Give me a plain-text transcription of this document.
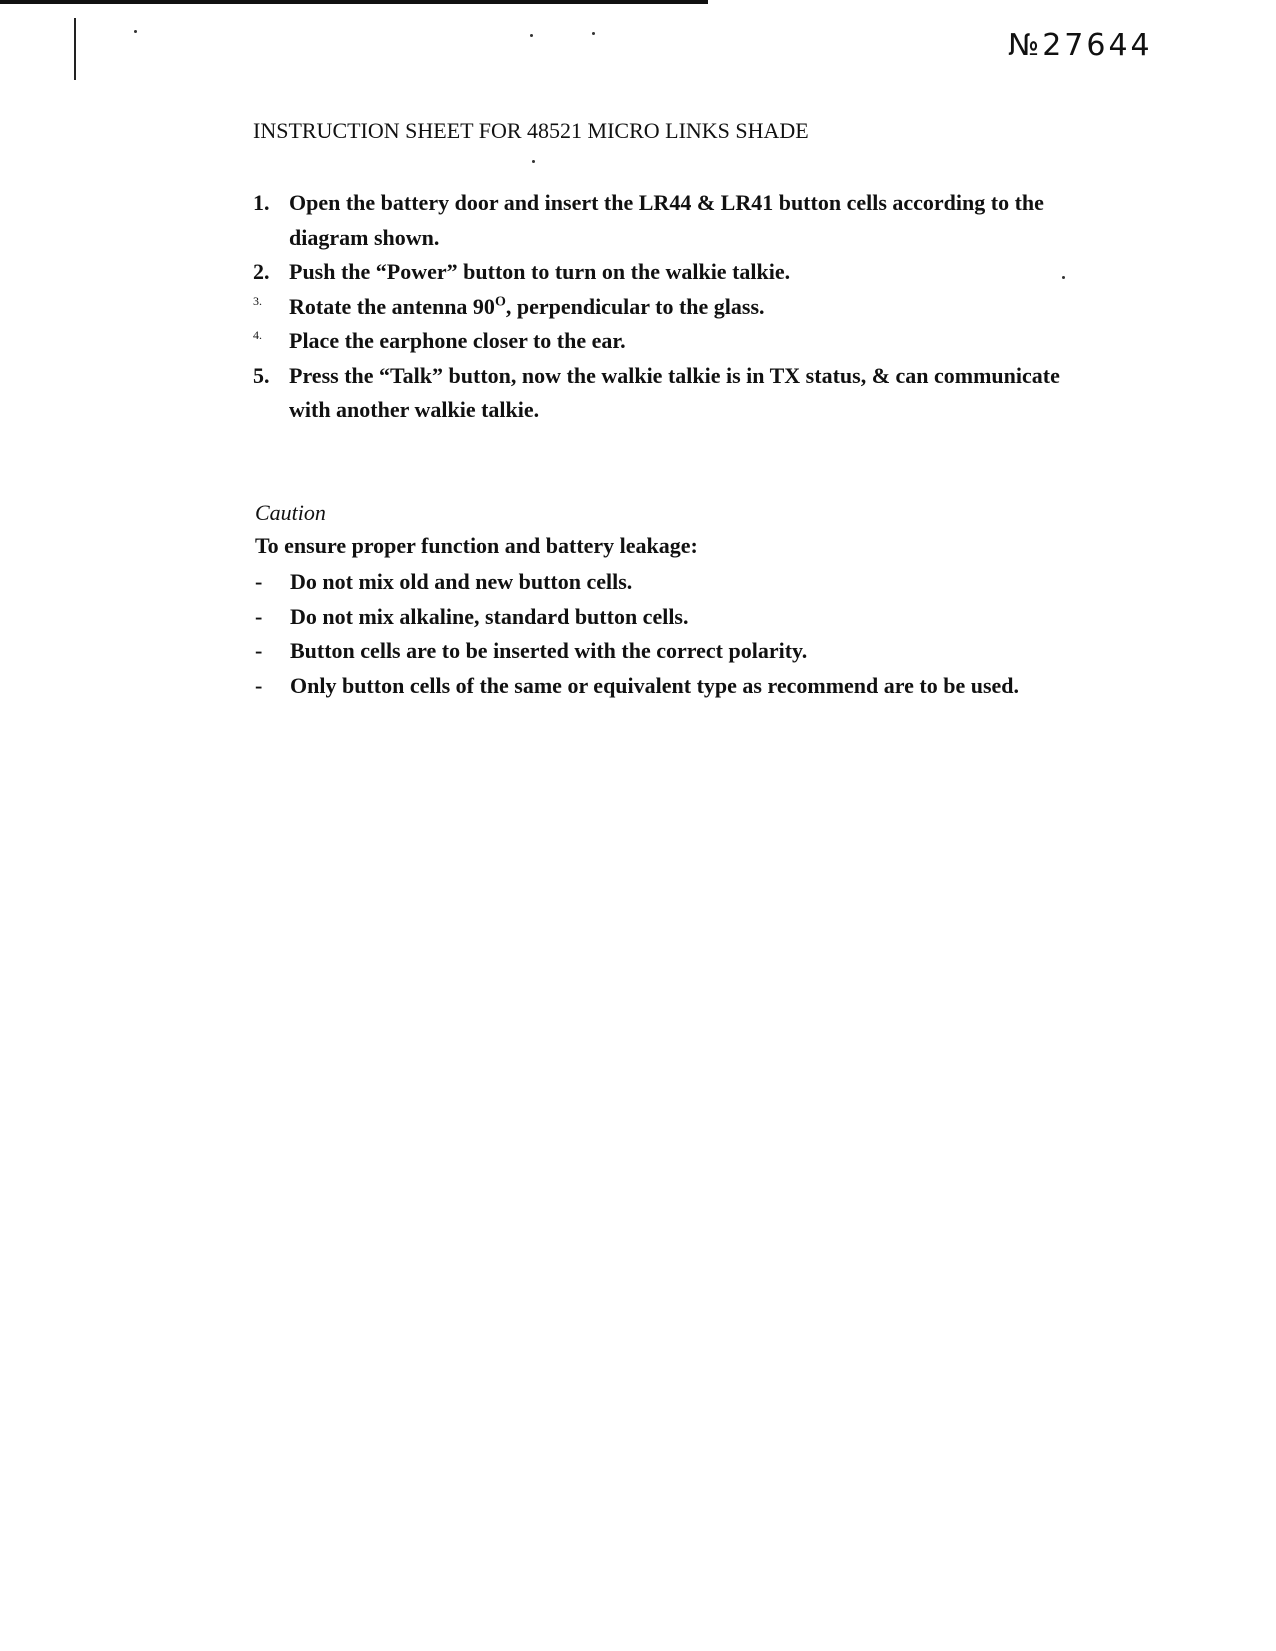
№27644
INSTRUCTION SHEET FOR 48521 MICRO LINKS SHADE
1. Open the battery door and insert the LR44 & LR41 button cells according to the diagram shown.
2. Push the “Power” button to turn on the walkie talkie.
3.	Rotate the antenna $90^O$, perpendicular to the glass.
4.	Place the earphone closer to the ear.
5. Press the “Talk” button, now the walkie talkie is in TX status, & can communicate with another walkie talkie.
Caution

To ensure proper function and battery leakage:

-	Do not mix old and new button cells.
-	Do not mix alkaline, standard button cells.
-	Button cells are to be inserted with the correct polarity.
-	Only button cells of the same or equivalent type as recommend are to be used.
